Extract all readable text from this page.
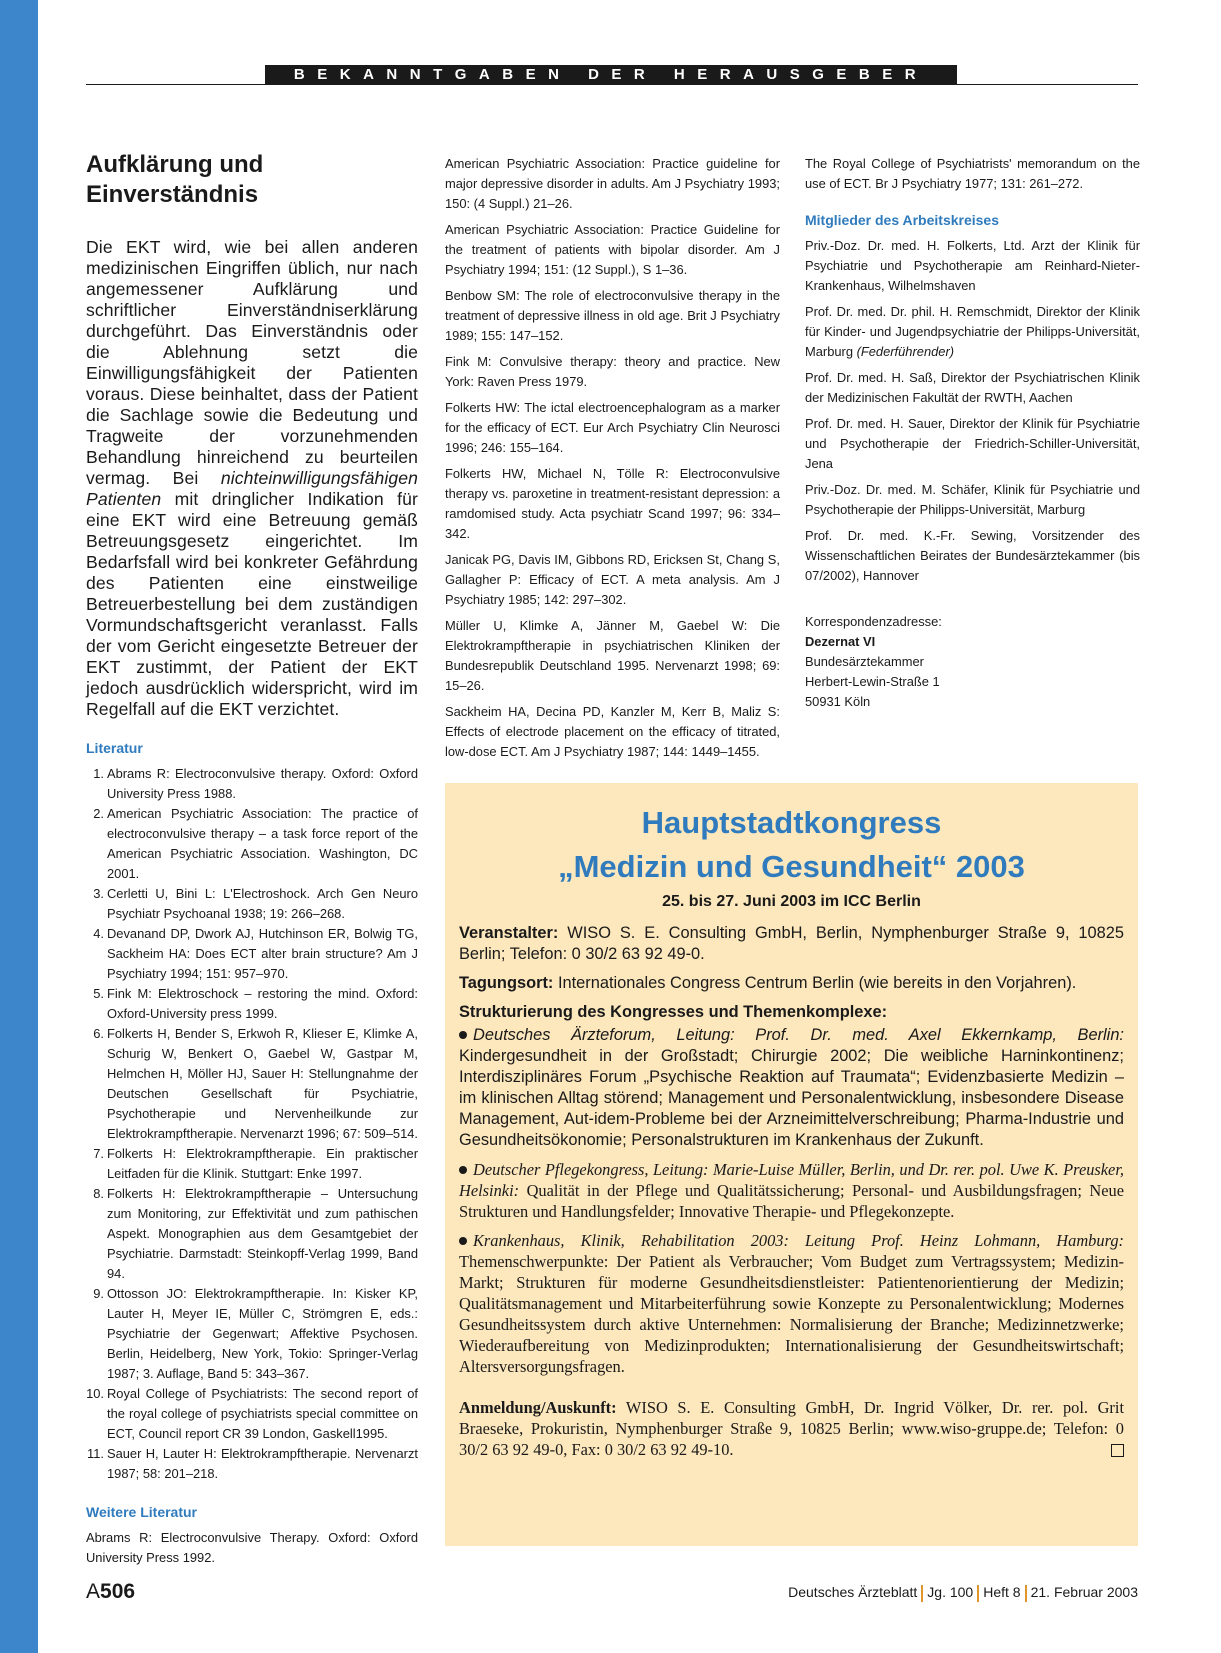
BEKANNTGABEN DER HERAUSGEBER
Aufklärung und
Einverständnis

Die EKT wird, wie bei allen anderen medizinischen Eingriffen üblich, nur nach angemessener Aufklärung und schriftlicher Einverständniserklärung durchgeführt. Das Einverständnis oder die Ablehnung setzt die Einwilligungsfähigkeit der Patienten voraus. Diese beinhaltet, dass der Patient die Sachlage sowie die Bedeutung und Tragweite der vorzunehmenden Behandlung hinreichend zu beurteilen vermag. Bei nichteinwilligungsfähigen Patienten mit dringlicher Indikation für eine EKT wird eine Betreuung gemäß Betreuungsgesetz eingerichtet. Im Bedarfsfall wird bei konkreter Gefährdung des Patienten eine einstweilige Betreuerbestellung bei dem zuständigen Vormundschaftsgericht veranlasst. Falls der vom Gericht eingesetzte Betreuer der EKT zustimmt, der Patient der EKT jedoch ausdrücklich widerspricht, wird im Regelfall auf die EKT verzichtet.

Literatur
1. Abrams R: Electroconvulsive therapy. Oxford: Oxford University Press 1988.
2. American Psychiatric Association: The practice of electroconvulsive therapy – a task force report of the American Psychiatric Association. Washington, DC 2001.
3. Cerletti U, Bini L: L'Electroshock. Arch Gen Neuro Psychiatr Psychoanal 1938; 19: 266–268.
4. Devanand DP, Dwork AJ, Hutchinson ER, Bolwig TG, Sackheim HA: Does ECT alter brain structure? Am J Psychiatry 1994; 151: 957–970.
5. Fink M: Elektroschock – restoring the mind. Oxford: Oxford-University press 1999.
6. Folkerts H, Bender S, Erkwoh R, Klieser E, Klimke A, Schurig W, Benkert O, Gaebel W, Gastpar M, Helmchen H, Möller HJ, Sauer H: Stellungnahme der Deutschen Gesellschaft für Psychiatrie, Psychotherapie und Nervenheilkunde zur Elektrokrampftherapie. Nervenarzt 1996; 67: 509–514.
7. Folkerts H: Elektrokrampftherapie. Ein praktischer Leitfaden für die Klinik. Stuttgart: Enke 1997.
8. Folkerts H: Elektrokrampftherapie – Untersuchung zum Monitoring, zur Effektivität und zum pathischen Aspekt. Monographien aus dem Gesamtgebiet der Psychiatrie. Darmstadt: Steinkopff-Verlag 1999, Band 94.
9. Ottosson JO: Elektrokrampftherapie. In: Kisker KP, Lauter H, Meyer IE, Müller C, Strömgren E, eds.: Psychiatrie der Gegenwart; Affektive Psychosen. Berlin, Heidelberg, New York, Tokio: Springer-Verlag 1987; 3. Auflage, Band 5: 343–367.
10. Royal College of Psychiatrists: The second report of the royal college of psychiatrists special committee on ECT, Council report CR 39 London, Gaskell1995.
11. Sauer H, Lauter H: Elektrokrampftherapie. Nervenarzt 1987; 58: 201–218.
Weitere Literatur

Abrams R: Electroconvulsive Therapy. Oxford: Oxford University Press 1992.

American Psychiatric Association: Practice guideline for major depressive disorder in adults. Am J Psychiatry 1993; 150: (4 Suppl.) 21–26.

American Psychiatric Association: Practice Guideline for the treatment of patients with bipolar disorder. Am J Psychiatry 1994; 151: (12 Suppl.), S 1–36.

Benbow SM: The role of electroconvulsive therapy in the treatment of depressive illness in old age. Brit J Psychiatry 1989; 155: 147–152.

Fink M: Convulsive therapy: theory and practice. New York: Raven Press 1979.

Folkerts HW: The ictal electroencephalogram as a marker for the efficacy of ECT. Eur Arch Psychiatry Clin Neurosci 1996; 246: 155–164.

Folkerts HW, Michael N, Tölle R: Electroconvulsive therapy vs. paroxetine in treatment-resistant depression: a ramdomised study. Acta psychiatr Scand 1997; 96: 334–342.

Janicak PG, Davis IM, Gibbons RD, Ericksen St, Chang S, Gallagher P: Efficacy of ECT. A meta analysis. Am J Psychiatry 1985; 142: 297–302.

Müller U, Klimke A, Jänner M, Gaebel W: Die Elektrokrampftherapie in psychiatrischen Kliniken der Bundesrepublik Deutschland 1995. Nervenarzt 1998; 69: 15–26.

Sackheim HA, Decina PD, Kanzler M, Kerr B, Maliz S: Effects of electrode placement on the efficacy of titrated, low-dose ECT. Am J Psychiatry 1987; 144: 1449–1455.

The Royal College of Psychiatrists' memorandum on the use of ECT. Br J Psychiatry 1977; 131: 261–272.

Mitglieder des Arbeitskreises

Priv.-Doz. Dr. med. H. Folkerts, Ltd. Arzt der Klinik für Psychiatrie und Psychotherapie am Reinhard-Nieter-Krankenhaus, Wilhelmshaven

Prof. Dr. med. Dr. phil. H. Remschmidt, Direktor der Klinik für Kinder- und Jugendpsychiatrie der Philipps-Universität, Marburg (Federführender)

Prof. Dr. med. H. Saß, Direktor der Psychiatrischen Klinik der Medizinischen Fakultät der RWTH, Aachen

Prof. Dr. med. H. Sauer, Direktor der Klinik für Psychiatrie und Psychotherapie der Friedrich-Schiller-Universität, Jena

Priv.-Doz. Dr. med. M. Schäfer, Klinik für Psychiatrie und Psychotherapie der Philipps-Universität, Marburg

Prof. Dr. med. K.-Fr. Sewing, Vorsitzender des Wissenschaftlichen Beirates der Bundesärztekammer (bis 07/2002), Hannover

Korrespondenzadresse:

Dezernat VI

Bundesärztekammer

Herbert-Lewin-Straße 1

50931 Köln

Hauptstadtkongress
„Medizin und Gesundheit“ 2003
25. bis 27. Juni 2003 im ICC Berlin

Veranstalter: WISO S. E. Consulting GmbH, Berlin, Nymphenburger Straße 9, 10825 Berlin; Telefon: 0 30/2 63 92 49-0.

Tagungsort: Internationales Congress Centrum Berlin (wie bereits in den Vorjahren).

Strukturierung des Kongresses und Themenkomplexe:

Deutsches Ärzteforum, Leitung: Prof. Dr. med. Axel Ekkernkamp, Berlin: Kindergesundheit in der Großstadt; Chirurgie 2002; Die weibliche Harninkontinenz; Interdisziplinäres Forum „Psychische Reaktion auf Traumata“; Evidenzbasierte Medizin – im klinischen Alltag störend; Management und Personalentwicklung, insbesondere Disease Management, Aut-idem-Probleme bei der Arzneimittelverschreibung; Pharma-Industrie und Gesundheitsökonomie; Personalstrukturen im Krankenhaus der Zukunft.

Deutscher Pflegekongress, Leitung: Marie-Luise Müller, Berlin, und Dr. rer. pol. Uwe K. Preusker, Helsinki: Qualität in der Pflege und Qualitätssicherung; Personal- und Ausbildungsfragen; Neue Strukturen und Handlungsfelder; Innovative Therapie- und Pflegekonzepte.

Krankenhaus, Klinik, Rehabilitation 2003: Leitung Prof. Heinz Lohmann, Hamburg: Themenschwerpunkte: Der Patient als Verbraucher; Vom Budget zum Vertragssystem; Medizin-Markt; Strukturen für moderne Gesundheitsdienstleister: Patientenorientierung der Medizin; Qualitätsmanagement und Mitarbeiterführung sowie Konzepte zu Personalentwicklung; Modernes Gesundheitssystem durch aktive Unternehmen: Normalisierung der Branche; Medizinnetzwerke; Wiederaufbereitung von Medizinprodukten; Internationalisierung der Gesundheitswirtschaft; Altersversorgungsfragen.

Anmeldung/Auskunft: WISO S. E. Consulting GmbH, Dr. Ingrid Völker, Dr. rer. pol. Grit Braeseke, Prokuristin, Nymphenburger Straße 9, 10825 Berlin; www.wiso-gruppe.de; Telefon: 0 30/2 63 92 49-0, Fax: 0 30/2 63 92 49-10.

A506	Deutsches Ärzteblatt Jg. 100 Heft 8 21. Februar 2003
